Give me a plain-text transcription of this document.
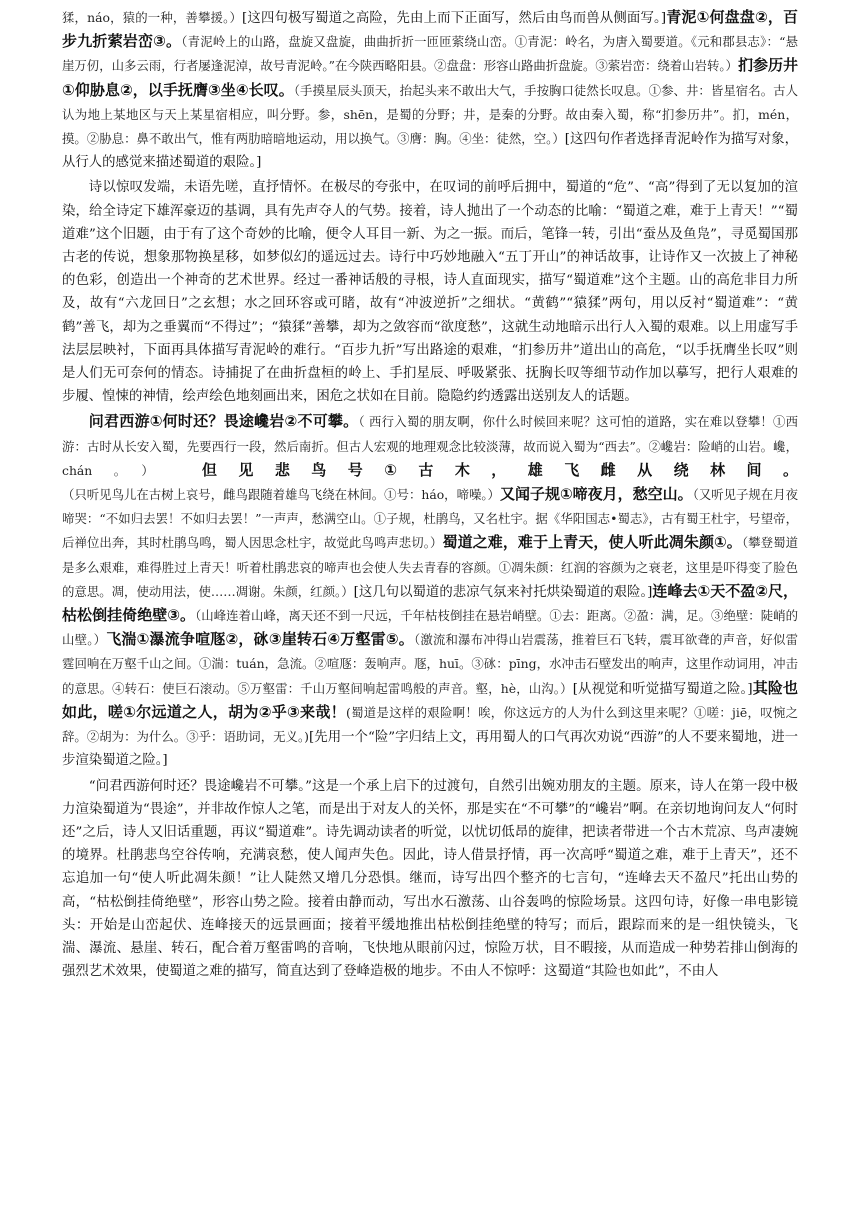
猱，náo，猿的一种，善攀援。）[这四句极写蜀道之高险，先由上而下正面写，然后由鸟而兽从侧面写。]青泥①何盘盘②，百步九折萦岩峦③。（青泥岭上的山路，盘旋又盘旋，曲曲折折一匝匝萦绕山峦。①青泥：岭名，为唐入蜀要道。《元和郡县志》：“悬崖万仞，山多云雨，行者屡逢泥淖，故号青泥岭。”在今陕西略阳县。②盘盘：形容山路曲折盘旋。③萦岩峦：绕着山岩转。）扪参历井①仰胁息②，以手抚膺③坐④长叹。（手摸星辰头顶天，抬起头来不敢出大气，手按胸口徒然长叹息。①参、井：皆星宿名。古人认为地上某地区与天上某星宿相应，叫分野。参，shēn，是蜀的分野；井，是秦的分野。故由秦入蜀，称“扪参历井”。扪，mén，摸。②胁息：鼻不敢出气，惟有两肋暗暗地运动，用以换气。③膺：胸。④坐：徒然，空。）[这四句作者选择青泥岭作为描写对象，从行人的感觉来描述蜀道的艰险。]

诗以惊叹发端，未语先嗟，直抒情怀。在极尽的夸张中，在叹词的前呼后拥中，蜀道的“危”、“高”得到了无以复加的渲染，给全诗定下雄浑豪迈的基调，具有先声夺人的气势。接着，诗人抛出了一个动态的比喻：“蜀道之难，难于上青天！”“蜀道难”这个旧题，由于有了这个奇妙的比喻，便令人耳目一新、为之一振。而后，笔锋一转，引出“蚕丛及鱼凫”，寻觅蜀国那古老的传说，想象那物换星移，如梦似幻的遥远过去。诗行中巧妙地融入“五丁开山”的神话故事，让诗作又一次披上了神秘的色彩，创造出一个神奇的艺术世界。经过一番神话般的寻根，诗人直面现实，描写“蜀道难”这个主题。山的高危非目力所及，故有“六龙回日”之玄想；水之回环容或可睹，故有“冲波逆折”之细状。“黄鹤”“猿猱”两句，用以反衬“蜀道难”：“黄鹤”善飞，却为之垂翼而“不得过”；“猿猱”善攀，却为之敛容而“欲度愁”，这就生动地暗示出行人入蜀的艰难。以上用虚写手法层层映衬，下面再具体描写青泥岭的难行。“百步九折”写出路途的艰难，“扪参历井”道出山的高危，“以手抚膺坐长叹”则是人们无可奈何的情态。诗捕捉了在曲折盘桓的岭上、手扪星辰、呼吸紧张、抚胸长叹等细节动作加以摹写，把行人艰难的步履、惶悚的神情，绘声绘色地刻画出来，困危之状如在目前。隐隐约约透露出送别友人的话题。

问君西游①何时还？畏途巉岩②不可攀。（ 西行入蜀的朋友啊，你什么时候回来呢？这可怕的道路，实在难以登攀！①西游：古时从长安入蜀，先要西行一段，然后南折。但古人宏观的地理观念比较淡薄，故而说入蜀为“西去”。②巉岩：险峭的山岩。巉， chán。） 但见悲鸟号①古木，雄飞雌从绕林间。（只听见鸟儿在古树上哀号，雌鸟跟随着雄鸟飞绕在林间。①号：háo，啼噪。）又闻子规①啼夜月，愁空山。（又听见子规在月夜啼哭：“不如归去罢！不如归去罢！”一声声，愁满空山。①子规，杜鹃鸟，又名杜宇。据《华阳国志•蜀志》，古有蜀王杜宇，号望帝，后禅位出奔，其时杜鹃鸟鸣，蜀人因思念杜宇，故觉此鸟鸣声悲切。）蜀道之难，难于上青天，使人听此凋朱颜①。（攀登蜀道是多么艰难，难得胜过上青天！听着杜鹃悲哀的啼声也会使人失去青春的容颜。①凋朱颜：红润的容颜为之衰老，这里是吓得变了脸色的意思。凋，使动用法，使……凋谢。朱颜，红颜。）[这几句以蜀道的悲凉气氛来衬托烘染蜀道的艰险。]连峰去①天不盈②尺，枯松倒挂倚绝壁③。（山峰连着山峰，离天还不到一尺远，千年枯枝倒挂在悬岩峭壁。①去：距离。②盈：满，足。③绝壁：陡峭的山壁。）飞湍①瀑流争喧豗②，砯③崖转石④万壑雷⑤。（激流和瀑布冲得山岩震荡，推着巨石飞转，震耳欲聋的声音，好似雷霆回响在万壑千山之间。①湍：tuán，急流。②喧豗：轰响声。豗，huī。③砯：pīng，水冲击石壁发出的响声，这里作动词用，冲击的意思。④转石：使巨石滚动。⑤万壑雷：千山万壑间响起雷鸣般的声音。壑，hè，山沟。）[从视觉和听觉描写蜀道之险。]其险也如此，嗟①尔远道之人，胡为②乎③来哉！(蜀道是这样的艰险啊！唉，你这远方的人为什么到这里来呢？①嗟：jiē，叹惋之辞。②胡为：为什么。③乎：语助词，无义。)[先用一个“险”字归结上文，再用蜀人的口气再次劝说“西游”的人不要来蜀地，进一步渲染蜀道之险。]

“问君西游何时还？畏途巉岩不可攀。”这是一个承上启下的过渡句，自然引出婉劝朋友的主题。原来，诗人在第一段中极力渲染蜀道为“畏途”，并非故作惊人之笔，而是出于对友人的关怀，那是实在“不可攀”的“巉岩”啊。在亲切地询问友人“何时还”之后，诗人又旧话重题，再议“蜀道难”。诗先调动读者的听觉，以忧切低昂的旋律，把读者带进一个古木荒凉、鸟声凄婉的境界。杜鹃悲鸟空谷传响，充满哀愁，使人闻声失色。因此，诗人借景抒情，再一次高呼“蜀道之难，难于上青天”，还不忘追加一句“使人听此凋朱颜！”让人陡然又增几分恐惧。继而，诗写出四个整齐的七言句，“连峰去天不盈尺”托出山势的高，“枯松倒挂倚绝壁”，形容山势之险。接着由静而动，写出水石激荡、山谷轰鸣的惊险场景。这四句诗，好像一串电影镜头：开始是山峦起伏、连峰接天的远景画面；接着平缓地推出枯松倒挂绝壁的特写；而后，跟踪而来的是一组快镜头，飞湍、瀑流、悬崖、转石，配合着万壑雷鸣的音响，飞快地从眼前闪过，惊险万状，目不暇接，从而造成一种势若排山倒海的强烈艺术效果，使蜀道之难的描写，简直达到了登峰造极的地步。不由人不惊呼：这蜀道“其险也如此”，不由人
